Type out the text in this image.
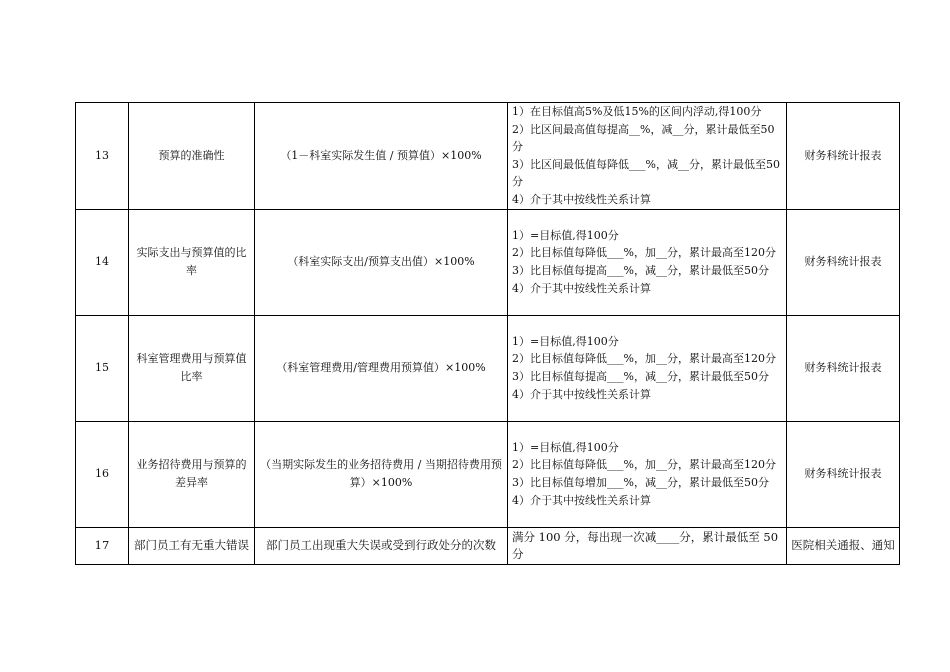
13	预算的准确性	（1－科室实际发生值 / 预算值）×100%	1）在目标值高5%及低15%的区间内浮动,得100分
2）比区间最高值每提高__%，减__分，累计最低至50分
3）比区间最低值每降低___%，减__分，累计最低至50分
4）介于其中按线性关系计算	财务科统计报表
14	实际支出与预算值的比率	（科室实际支出/预算支出值）×100%	1）=目标值,得100分
2）比目标值每降低___%，加__分，累计最高至120分
3）比目标值每提高___%，减__分，累计最低至50分
4）介于其中按线性关系计算	财务科统计报表
15	科室管理费用与预算值比率	（科室管理费用/管理费用预算值）×100%	1）=目标值,得100分
2）比目标值每降低___%，加__分，累计最高至120分
3）比目标值每提高___%，减__分，累计最低至50分
4）介于其中按线性关系计算	财务科统计报表
16	业务招待费用与预算的差异率	（当期实际发生的业务招待费用 / 当期招待费用预算）×100%	1）=目标值,得100分
2）比目标值每降低___%，加__分，累计最高至120分
3）比目标值每增加___%，减__分，累计最低至50分
4）介于其中按线性关系计算	财务科统计报表
17	部门员工有无重大错误	部门员工出现重大失误或受到行政处分的次数	满分 100 分，每出现一次减____分，累计最低至 50 分	医院相关通报、通知
